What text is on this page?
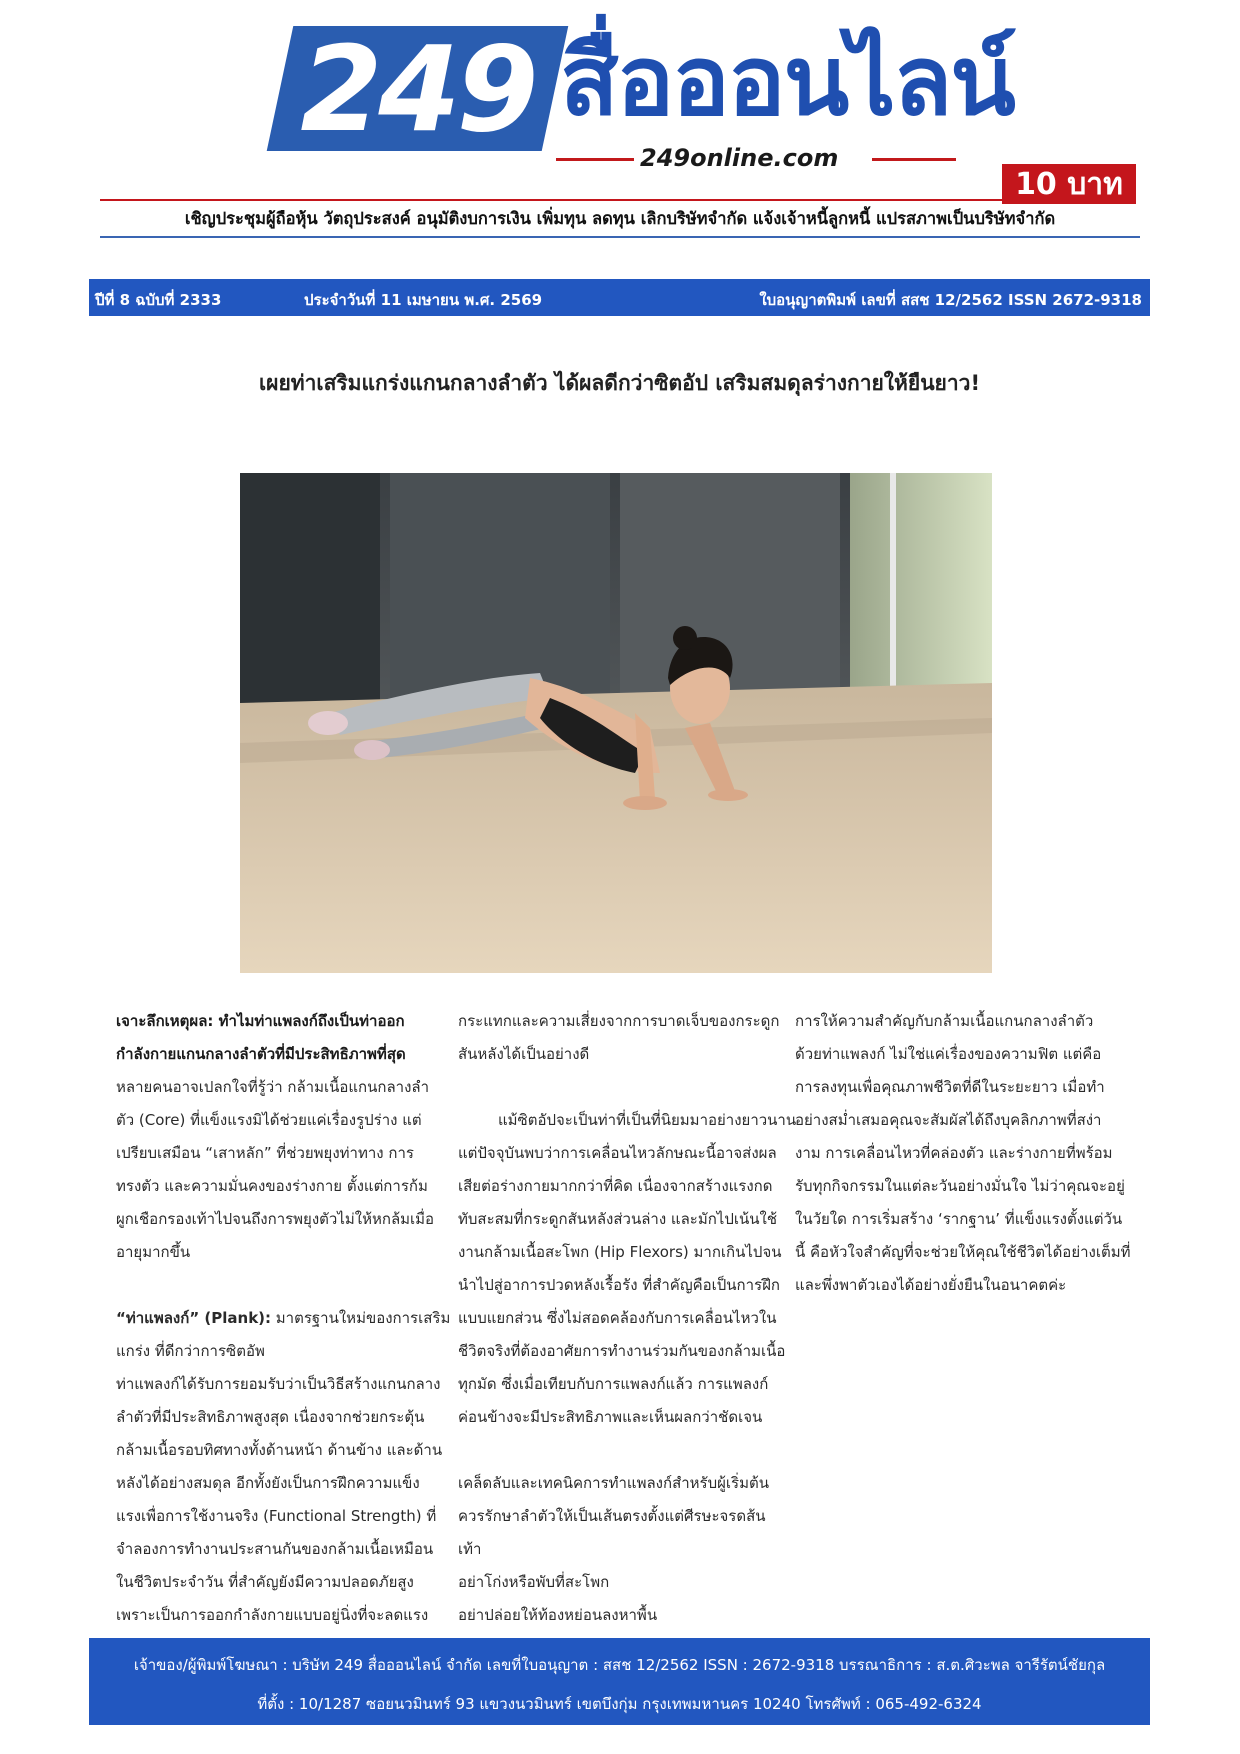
249 สื่อออนไลน์
249online.com
10 บาท
เชิญประชุมผู้ถือหุ้น วัตถุประสงค์ อนุมัติงบการเงิน เพิ่มทุน ลดทุน เลิกบริษัทจำกัด แจ้งเจ้าหนี้ลูกหนี้ แปรสภาพเป็นบริษัทจำกัด
ปีที่ 8 ฉบับที่ 2333	ประจำวันที่ 11 เมษายน พ.ศ. 2569	ใบอนุญาตพิมพ์ เลขที่ สสช 12/2562 ISSN 2672-9318
เผยท่าเสริมแกร่งแกนกลางลำตัว ได้ผลดีกว่าซิตอัป เสริมสมดุลร่างกายให้ยืนยาว!

เจาะลึกเหตุผล: ทำไมท่าแพลงก์ถึงเป็นท่าออก
กำลังกายแกนกลางลำตัวที่มีประสิทธิภาพที่สุด

หลายคนอาจเปลกใจที่รู้ว่า กล้ามเนื้อแกนกลางลำ
ตัว (Core) ที่แข็งแรงมิได้ช่วยแค่เรื่องรูปร่าง แต่
เปรียบเสมือน “เสาหลัก” ที่ช่วยพยุงท่าทาง การ
ทรงตัว และความมั่นคงของร่างกาย ตั้งแต่การก้ม
ผูกเชือกรองเท้าไปจนถึงการพยุงตัวไม่ให้หกล้มเมื่อ
อายุมากขึ้น

“ท่าแพลงก์” (Plank): มาตรฐานใหม่ของการเสริม
แกร่ง ที่ดีกว่าการซิตอัพ
ท่าแพลงก์ได้รับการยอมรับว่าเป็นวิธีสร้างแกนกลาง
ลำตัวที่มีประสิทธิภาพสูงสุด เนื่องจากช่วยกระตุ้น
กล้ามเนื้อรอบทิศทางทั้งด้านหน้า ด้านข้าง และด้าน
หลังได้อย่างสมดุล อีกทั้งยังเป็นการฝึกความแข็ง
แรงเพื่อการใช้งานจริง (Functional Strength) ที่
จำลองการทำงานประสานกันของกล้ามเนื้อเหมือน
ในชีวิตประจำวัน ที่สำคัญยังมีความปลอดภัยสูง
เพราะเป็นการออกกำลังกายแบบอยู่นิ่งที่จะลดแรง

กระแทกและความเสี่ยงจากการบาดเจ็บของกระดูก
สันหลังได้เป็นอย่างดี

แม้ซิตอัปจะเป็นท่าที่เป็นที่นิยมมาอย่างยาวนาน
แต่ปัจจุบันพบว่าการเคลื่อนไหวลักษณะนี้อาจส่งผล
เสียต่อร่างกายมากกว่าที่คิด เนื่องจากสร้างแรงกด
ทับสะสมที่กระดูกสันหลังส่วนล่าง และมักไปเน้นใช้
งานกล้ามเนื้อสะโพก (Hip Flexors) มากเกินไปจน
นำไปสู่อาการปวดหลังเรื้อรัง ที่สำคัญคือเป็นการฝึก
แบบแยกส่วน ซึ่งไม่สอดคล้องกับการเคลื่อนไหวใน
ชีวิตจริงที่ต้องอาศัยการทำงานร่วมกันของกล้ามเนื้อ
ทุกมัด ซึ่งเมื่อเทียบกับการแพลงก์แล้ว การแพลงก์
ค่อนข้างจะมีประสิทธิภาพและเห็นผลกว่าชัดเจน

เคล็ดลับและเทคนิคการทำแพลงก์สำหรับผู้เริ่มต้น
ควรรักษาลำตัวให้เป็นเส้นตรงตั้งแต่ศีรษะจรดส้น
เท้า
อย่าโก่งหรือพับที่สะโพก
อย่าปล่อยให้ท้องหย่อนลงหาพื้น

การให้ความสำคัญกับกล้ามเนื้อแกนกลางลำตัว
ด้วยท่าแพลงก์ ไม่ใช่แค่เรื่องของความฟิต แต่คือ
การลงทุนเพื่อคุณภาพชีวิตที่ดีในระยะยาว เมื่อทำ
อย่างสม่ำเสมอคุณจะสัมผัสได้ถึงบุคลิกภาพที่สง่า
งาม การเคลื่อนไหวที่คล่องตัว และร่างกายที่พร้อม
รับทุกกิจกรรมในแต่ละวันอย่างมั่นใจ ไม่ว่าคุณจะอยู่
ในวัยใด การเริ่มสร้าง ‘รากฐาน’ ที่แข็งแรงตั้งแต่วัน
นี้ คือหัวใจสำคัญที่จะช่วยให้คุณใช้ชีวิตได้อย่างเต็มที่
และพึ่งพาตัวเองได้อย่างยั่งยืนในอนาคตค่ะ

เจ้าของ/ผู้พิมพ์โฆษณา : บริษัท 249 สื่อออนไลน์ จำกัด เลขที่ใบอนุญาต : สสช 12/2562 ISSN : 2672-9318 บรรณาธิการ : ส.ต.ศิวะพล จารีรัตน์ชัยกุล
ที่ตั้ง : 10/1287 ซอยนวมินทร์ 93 แขวงนวมินทร์ เขตบึงกุ่ม กรุงเทพมหานคร 10240 โทรศัพท์ : 065-492-6324
